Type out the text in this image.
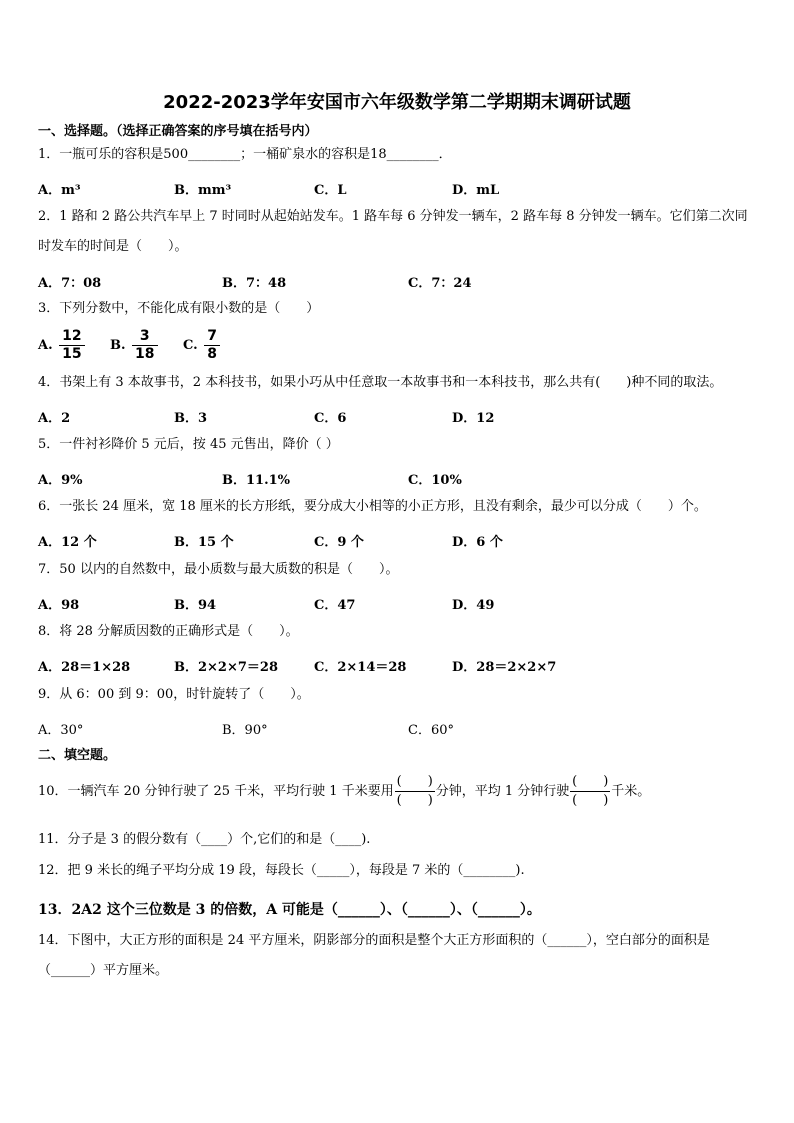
2022-2023学年安国市六年级数学第二学期期末调研试题
一、选择题。（选择正确答案的序号填在括号内）
1．一瓶可乐的容积是500________；一桶矿泉水的容积是18________．
A．m³	B．mm³	C．L	D．mL
2．1 路和 2 路公共汽车早上 7 时同时从起始站发车。1 路车每 6 分钟发一辆车，2 路车每 8 分钟发一辆车。它们第二次同时发车的时间是（　　）。
A．7：08	B．7：48	C．7：24
3．下列分数中，不能化成有限小数的是（　　）
A. $\frac{12}{15} B$. $\frac{3}{18} C$. $\frac{7}{8}$
4．书架上有 3 本故事书，2 本科技书，如果小巧从中任意取一本故事书和一本科技书，那么共有(　　)种不同的取法。
A．2	B．3	C．6	D．12
5．一件衬衫降价 5 元后，按 45 元售出，降价（ ）
A．9%	B．11.1%	C．10%
6．一张长 24 厘米，宽 18 厘米的长方形纸，要分成大小相等的小正方形，且没有剩余，最少可以分成（　　）个。
A．12 个	B．15 个	C．9 个	D．6 个
7．50 以内的自然数中，最小质数与最大质数的积是（　　）。
A．98	B．94	C．47	D．49
8．将 28 分解质因数的正确形式是（　　）。
A．28＝1×28	B．2×2×7＝28	C．2×14＝28	D．28＝2×2×7
9．从 6：00 到 9：00，时针旋转了（　　）。
A．30°	B．90°	C．60°
二、填空题。
10．一辆汽车 20 分钟行驶了 25 千米，平均行驶 1 千米要用
(　　)
(　　)
分钟，平均 1 分钟行驶
(　　)
(　　)
千米。
11．分子是 3 的假分数有（____）个,它们的和是（____).
12．把 9 米长的绳子平均分成 19 段，每段长（_____），每段是 7 米的（________).
13．2A2 这个三位数是 3 的倍数，A 可能是（______）、（______）、（______）。
14．下图中，大正方形的面积是 24 平方厘米，阴影部分的面积是整个大正方形面积的（______），空白部分的面积是（______）平方厘米。
